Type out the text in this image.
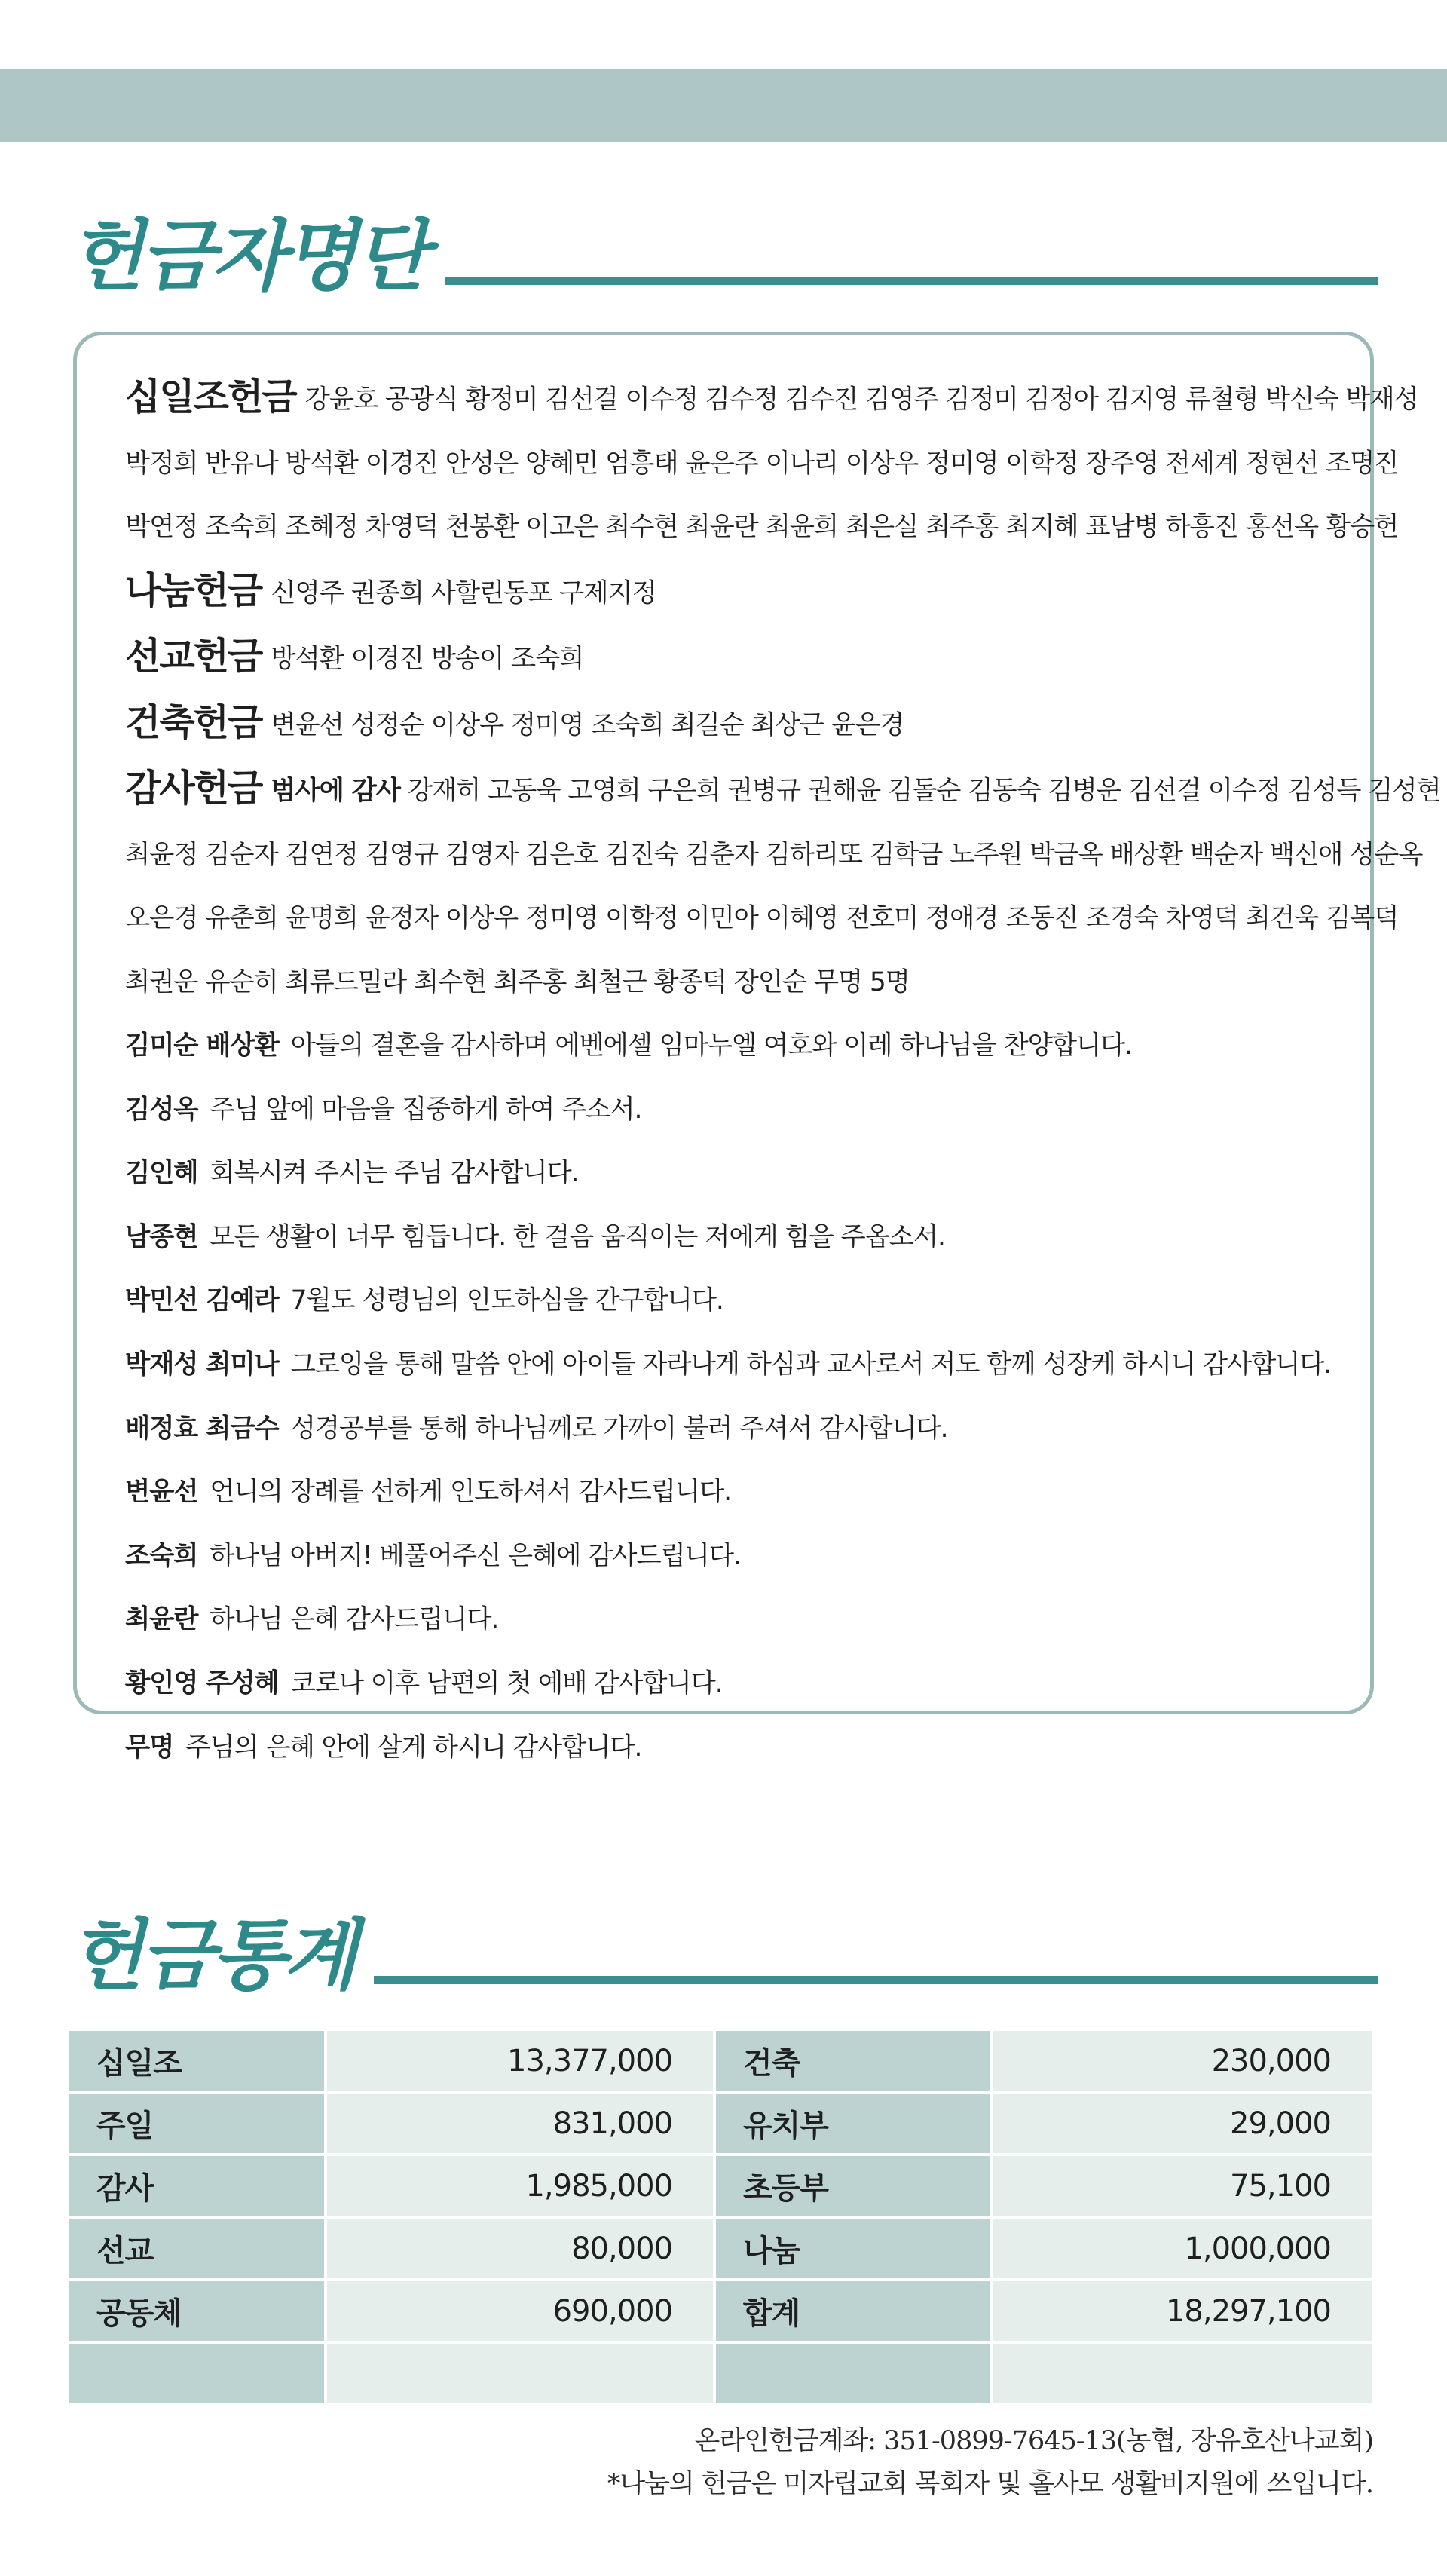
헌금자명단
십일조헌금 강윤호 공광식 황정미 김선걸 이수정 김수정 김수진 김영주 김정미 김정아 김지영 류철형 박신숙 박재성
박정희 반유나 방석환 이경진 안성은 양혜민 엄흥태 윤은주 이나리 이상우 정미영 이학정 장주영 전세계 정현선 조명진
박연정 조숙희 조혜정 차영덕 천봉환 이고은 최수현 최윤란 최윤희 최은실 최주홍 최지혜 표남병 하흥진 홍선옥 황승헌
나눔헌금 신영주 권종희 사할린동포 구제지정
선교헌금 방석환 이경진 방송이 조숙희
건축헌금 변윤선 성정순 이상우 정미영 조숙희 최길순 최상근 윤은경
감사헌금 범사에 감사 강재히 고동욱 고영희 구은희 권병규 권해윤 김돌순 김동숙 김병운 김선걸 이수정 김성득 김성현
최윤정 김순자 김연정 김영규 김영자 김은호 김진숙 김춘자 김하리또 김학금 노주원 박금옥 배상환 백순자 백신애 성순옥
오은경 유춘희 윤명희 윤정자 이상우 정미영 이학정 이민아 이혜영 전호미 정애경 조동진 조경숙 차영덕 최건욱 김복덕
최권운 유순히 최류드밀라 최수현 최주홍 최철근 황종덕 장인순 무명 5명
김미순 배상환 아들의 결혼을 감사하며 에벤에셀 임마누엘 여호와 이레 하나님을 찬양합니다.
김성옥 주님 앞에 마음을 집중하게 하여 주소서.
김인혜 회복시켜 주시는 주님 감사합니다.
남종현 모든 생활이 너무 힘듭니다. 한 걸음 움직이는 저에게 힘을 주옵소서.
박민선 김예라 7월도 성령님의 인도하심을 간구합니다.
박재성 최미나 그로잉을 통해 말씀 안에 아이들 자라나게 하심과 교사로서 저도 함께 성장케 하시니 감사합니다.
배정효 최금수 성경공부를 통해 하나님께로 가까이 불러 주셔서 감사합니다.
변윤선 언니의 장례를 선하게 인도하셔서 감사드립니다.
조숙희 하나님 아버지! 베풀어주신 은혜에 감사드립니다.
최윤란 하나님 은혜 감사드립니다.
황인영 주성혜 코로나 이후 남편의 첫 예배 감사합니다.
무명 주님의 은혜 안에 살게 하시니 감사합니다.
헌금통계
십일조	13,377,000	건축	230,000
주일	831,000	유치부	29,000
감사	1,985,000	초등부	75,100
선교	80,000	나눔	1,000,000
공동체	690,000	합계	18,297,100
온라인헌금계좌: 351-0899-7645-13(농협, 장유호산나교회)
*나눔의 헌금은 미자립교회 목회자 및 홀사모 생활비지원에 쓰입니다.
